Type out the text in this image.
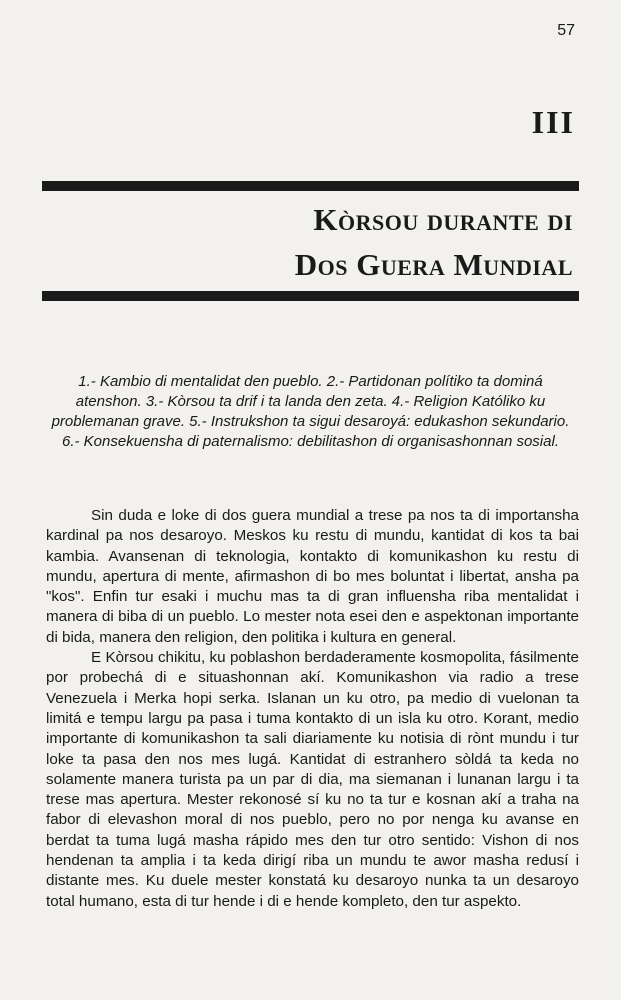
57
III
Kòrsou durante di
Dos Guera Mundial
1.- Kambio di mentalidat den pueblo. 2.- Partidonan polítiko ta dominá atenshon. 3.- Kòrsou ta drif i ta landa den zeta. 4.- Religion Katóliko ku problemanan grave. 5.- Instrukshon ta sigui desaroyá: edukashon sekundario. 6.- Konsekuensha di paternalismo: debilitashon di organisashonnan sosial.

Sin duda e loke di dos guera mundial a trese pa nos ta di importansha kardinal pa nos desaroyo. Meskos ku restu di mundu, kantidat di kos ta bai kambia. Avansenan di teknologia, kontakto di komunikashon ku restu di mundu, apertura di mente, afirmashon di bo mes boluntat i libertat, ansha pa "kos". Enfin tur esaki i muchu mas ta di gran influensha riba mentalidat i manera di biba di un pueblo. Lo mester nota esei den e aspektonan importante di bida, manera den religion, den politika i kultura en general.

E Kòrsou chikitu, ku poblashon berdaderamente kosmopolita, fásilmente por probechá di e situashonnan akí. Komunikashon via radio a trese Venezuela i Merka hopi serka. Islanan un ku otro, pa medio di vuelonan ta limitá e tempu largu pa pasa i tuma kontakto di un isla ku otro. Korant, medio importante di komunikashon ta sali diariamente ku notisia di rònt mundu i tur loke ta pasa den nos mes lugá. Kantidat di estranhero sòldá ta keda no solamente manera turista pa un par di dia, ma siemanan i lunanan largu i ta trese mas apertura. Mester rekonosé sí ku no ta tur e kosnan akí a traha na fabor di elevashon moral di nos pueblo, pero no por nenga ku avanse en berdat ta tuma lugá masha rápido mes den tur otro sentido: Vishon di nos hendenan ta amplia i ta keda dirigí riba un mundu te awor masha redusí i distante mes. Ku duele mester konstatá ku desaroyo nunka ta un desaroyo total humano, esta di tur hende i di e hende kompleto, den tur aspekto.
